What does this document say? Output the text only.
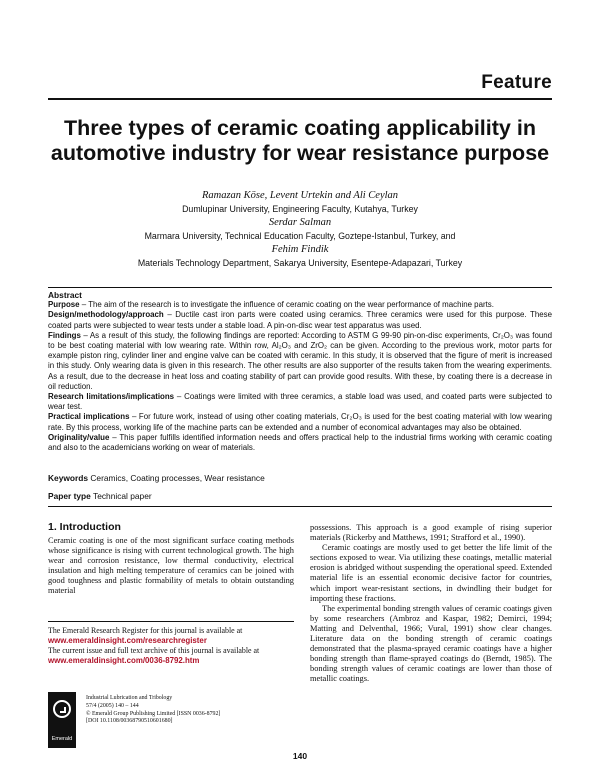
Feature
Three types of ceramic coating applicability in automotive industry for wear resistance purpose
Ramazan Köse, Levent Urtekin and Ali Ceylan
Dumlupinar University, Engineering Faculty, Kutahya, Turkey
Serdar Salman
Marmara University, Technical Education Faculty, Goztepe-Istanbul, Turkey, and
Fehim Findik
Materials Technology Department, Sakarya University, Esentepe-Adapazari, Turkey

Abstract

Purpose – The aim of the research is to investigate the influence of ceramic coating on the wear performance of machine parts.

Design/methodology/approach – Ductile cast iron parts were coated using ceramics. Three ceramics were used for this purpose. These coated parts were subjected to wear tests under a stable load. A pin-on-disc wear test apparatus was used.

Findings – As a result of this study, the following findings are reported: According to ASTM G 99-90 pin-on-disc experiments, Cr₂O₃ was found to be best coating material with low wearing rate. Within row, Al₂O₃ and ZrO₂ can be given. According to the previous work, motor parts for example piston ring, cylinder liner and engine valve can be coated with ceramic. In this study, it is observed that the figure of merit is increased in this study. Only wearing data is given in this research. The other results are also supporter of the results taken from the wearing experiments. As a result, due to the decrease in heat loss and coating stability of part can provide good results. With these, by coating there is a decrease in oil reduction.

Research limitations/implications – Coatings were limited with three ceramics, a stable load was used, and coated parts were subjected to wear test.

Practical implications – For future work, instead of using other coating materials, Cr₂O₃ is used for the best coating material with low wearing rate. By this process, working life of the machine parts can be extended and a number of economical advantages may also be obtained.

Originality/value – This paper fulfills identified information needs and offers practical help to the industrial firms working with ceramic coating and also to the academicians working on wear of materials.

Keywords Ceramics, Coating processes, Wear resistance
Paper type Technical paper
1. Introduction
Ceramic coating is one of the most significant surface coating methods whose significance is rising with current technological growth. The high wear and corrosion resistance, low thermal conductivity, electrical insulation and high melting temperature of ceramics can be joined with good toughness and plastic formability of metals to obtain outstanding material

possessions. This approach is a good example of rising superior materials (Rickerby and Matthews, 1991; Strafford et al., 1990).

Ceramic coatings are mostly used to get better the life limit of the sections exposed to wear. Via utilizing these coatings, metallic material erosion is abridged without suspending the operational speed. Extended material life is an essential economic decisive factor for countries, which import wear-resistant sections, in dwindling their budget for importing these fractions.

The experimental bonding strength values of ceramic coatings given by some researchers (Ambroz and Kaspar, 1982; Demirci, 1994; Matting and Delventhal, 1966; Vural, 1991) show clear changes. Literature data on the bonding strength of ceramic coatings demonstrated that the plasma-sprayed ceramic coatings have a higher bonding strength than flame-sprayed coatings do (Berndt, 1985). The bonding strength values of ceramic coatings are lower than those of metallic coatings.

The Emerald Research Register for this journal is available at
www.emeraldinsight.com/researchregister
The current issue and full text archive of this journal is available at
www.emeraldinsight.com/0036-8792.htm
Emerald
Industrial Lubrication and Tribology
57/4 (2005) 140 – 144
© Emerald Group Publishing Limited [ISSN 0036-8792]
[DOI 10.1108/00368790510601680]
140
